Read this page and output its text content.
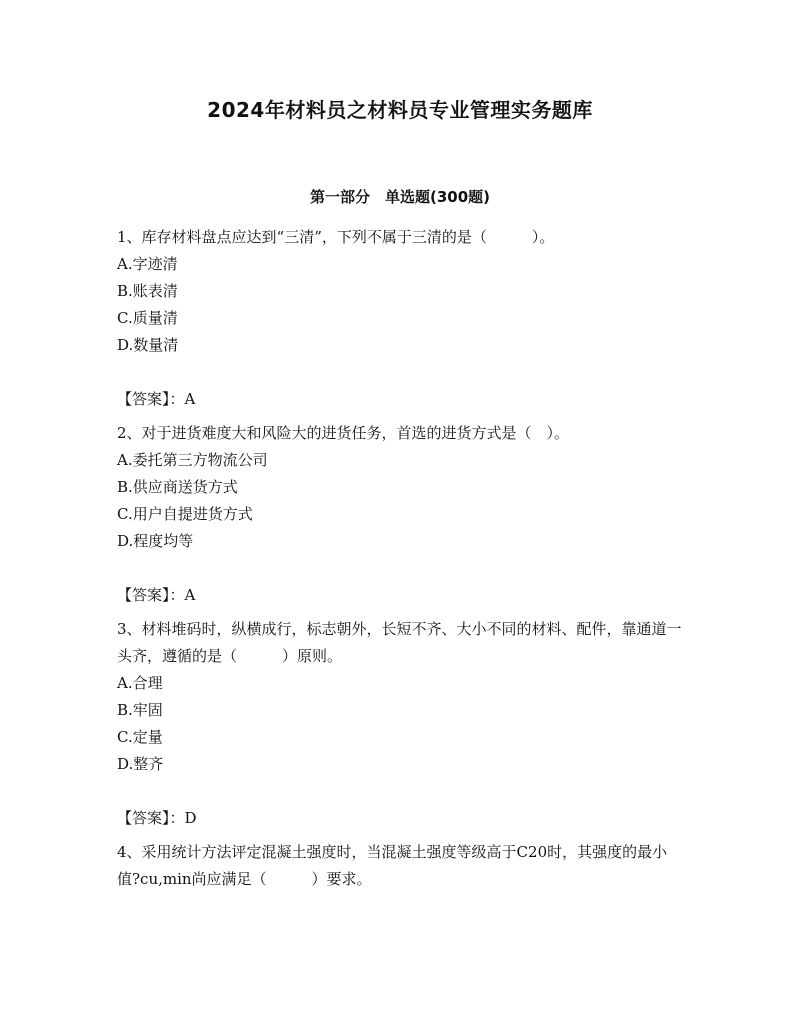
2024年材料员之材料员专业管理实务题库
第一部分　单选题(300题)

1、库存材料盘点应达到“三清”，下列不属于三清的是（　　　）。

A.字迹清

B.账表清

C.质量清

D.数量清

【答案】：A

2、对于进货难度大和风险大的进货任务，首选的进货方式是（　）。

A.委托第三方物流公司

B.供应商送货方式

C.用户自提进货方式

D.程度均等

【答案】：A

3、材料堆码时，纵横成行，标志朝外，长短不齐、大小不同的材料、配件，靠通道一头齐，遵循的是（　　　）原则。

A.合理

B.牢固

C.定量

D.整齐

【答案】：D

4、采用统计方法评定混凝土强度时，当混凝土强度等级高于C20时，其强度的最小值?cu,min尚应满足（　　　）要求。
